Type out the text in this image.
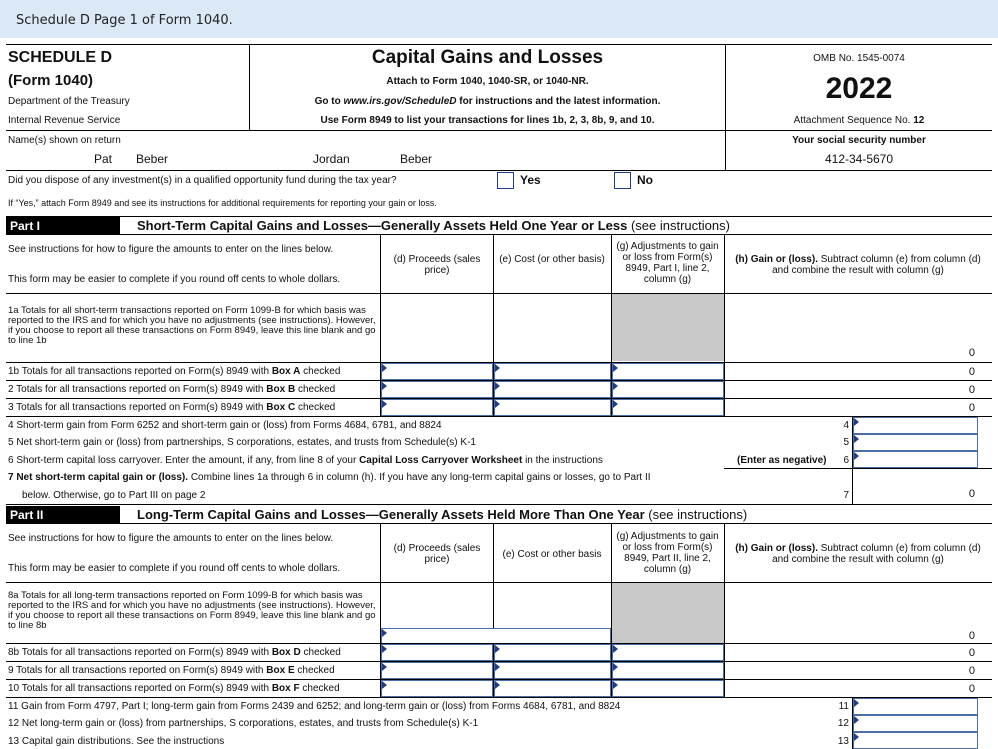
Schedule D Page 1 of Form 1040.
SCHEDULE D
(Form 1040)
Department of the Treasury
Internal Revenue Service
Capital Gains and Losses
Attach to Form 1040, 1040-SR, or 1040-NR.
Go to www.irs.gov/ScheduleD for instructions and the latest information.
Use Form 8949 to list your transactions for lines 1b, 2, 3, 8b, 9, and 10.
OMB No. 1545-0074
2022
Attachment Sequence No. 12
Name(s) shown on return
Pat Beber	Jordan	Beber
Your social security number
412-34-5670
Did you dispose of any investment(s) in a qualified opportunity fund during the tax year?	Yes	No
If “Yes,” attach Form 8949 and see its instructions for additional requirements for reporting your gain or loss.
Part I	Short-Term Capital Gains and Losses—Generally Assets Held One Year or Less (see instructions)
See instructions for how to figure the amounts to enter on the lines below.
This form may be easier to complete if you round off cents to whole dollars.
(d) Proceeds (sales price)
(e) Cost (or other basis)
(g) Adjustments to gain or loss from Form(s) 8949, Part I, line 2, column (g)
(h) Gain or (loss). Subtract column (e) from column (d) and combine the result with column (g)
1a Totals for all short-term transactions reported on Form 1099-B for which basis was reported to the IRS and for which you have no adjustments (see instructions). However, if you choose to report all these transactions on Form 8949, leave this line blank and go to line 1b
0
1b Totals for all transactions reported on Form(s) 8949 with Box A checked	0
2 Totals for all transactions reported on Form(s) 8949 with Box B checked	0
3 Totals for all transactions reported on Form(s) 8949 with Box C checked	0
4 Short-term gain from Form 6252 and short-term gain or (loss) from Forms 4684, 6781, and 8824	4
5 Net short-term gain or (loss) from partnerships, S corporations, estates, and trusts from Schedule(s) K-1	5
6 Short-term capital loss carryover. Enter the amount, if any, from line 8 of your Capital Loss Carryover Worksheet in the instructions	(Enter as negative)	6
7 Net short-term capital gain or (loss). Combine lines 1a through 6 in column (h). If you have any long-term capital gains or losses, go to Part II
below. Otherwise, go to Part III on page 2	7	0
Part II	Long-Term Capital Gains and Losses—Generally Assets Held More Than One Year (see instructions)
See instructions for how to figure the amounts to enter on the lines below.
This form may be easier to complete if you round off cents to whole dollars.
(d) Proceeds (sales price)	(e) Cost or other basis
(g) Adjustments to gain or loss from Form(s) 8949, Part II, line 2, column (g)
(h) Gain or (loss). Subtract column (e) from column (d) and combine the result with column (g)
8a Totals for all long-term transactions reported on Form 1099-B for which basis was reported to the IRS and for which you have no adjustments (see instructions). However, if you choose to report all these transactions on Form 8949, leave this line blank and go to line 8b
0
8b Totals for all transactions reported on Form(s) 8949 with Box D checked	0
9 Totals for all transactions reported on Form(s) 8949 with Box E checked	0
10 Totals for all transactions reported on Form(s) 8949 with Box F checked	0
11 Gain from Form 4797, Part I; long-term gain from Forms 2439 and 6252; and long-term gain or (loss) from Forms 4684, 6781, and 8824	11
12 Net long-term gain or (loss) from partnerships, S corporations, estates, and trusts from Schedule(s) K-1	12
13 Capital gain distributions. See the instructions	13
